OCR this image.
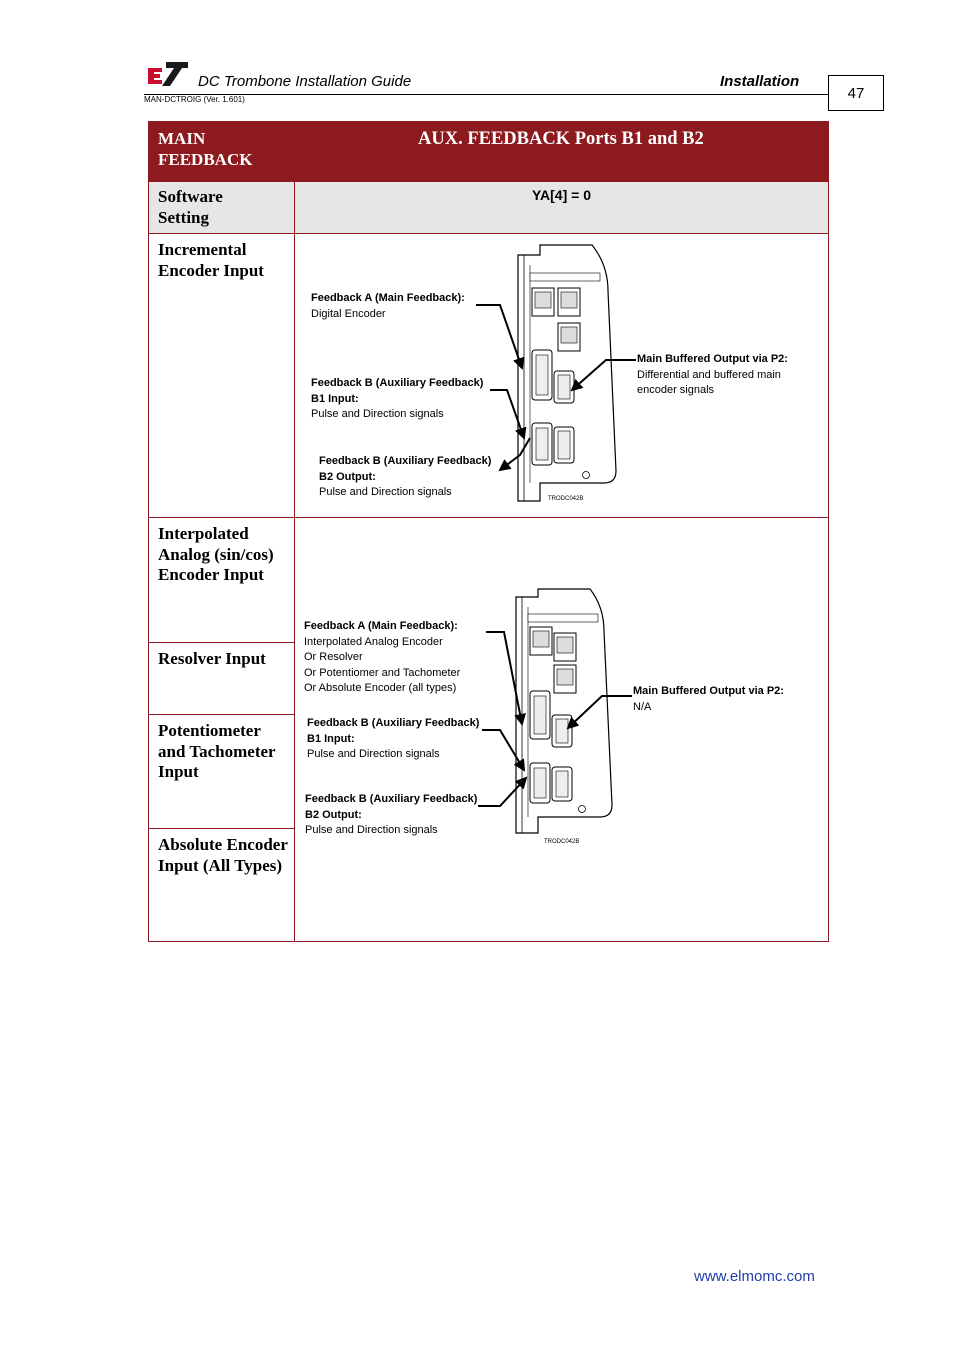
DC Trombone Installation Guide	Installation
MAN-DCTROIG (Ver. 1.601)	47
MAIN FEEDBACK
AUX. FEEDBACK Ports B1 and B2
Software Setting
YA[4] = 0
Incremental Encoder Input
Interpolated Analog (sin/cos) Encoder Input
Resolver Input
Potentiometer and Tachometer Input
Absolute Encoder Input (All Types)
Feedback A (Main Feedback):
Digital Encoder
Feedback B (Auxiliary Feedback)
B1 Input:
Pulse and Direction signals
Feedback B (Auxiliary Feedback)
B2 Output:
Pulse and Direction signals
Main Buffered Output via P2:
Differential and buffered main
encoder signals
TRODC042B
Feedback A (Main Feedback):
Interpolated Analog Encoder
Or Resolver
Or Potentiomer and Tachometer
Or Absolute Encoder (all types)
Feedback B (Auxiliary Feedback)
B1 Input:
Pulse and Direction signals
Feedback B (Auxiliary Feedback)
B2 Output:
Pulse and Direction signals
Main Buffered Output via P2:
N/A
TRODC042B
www.elmomc.com
